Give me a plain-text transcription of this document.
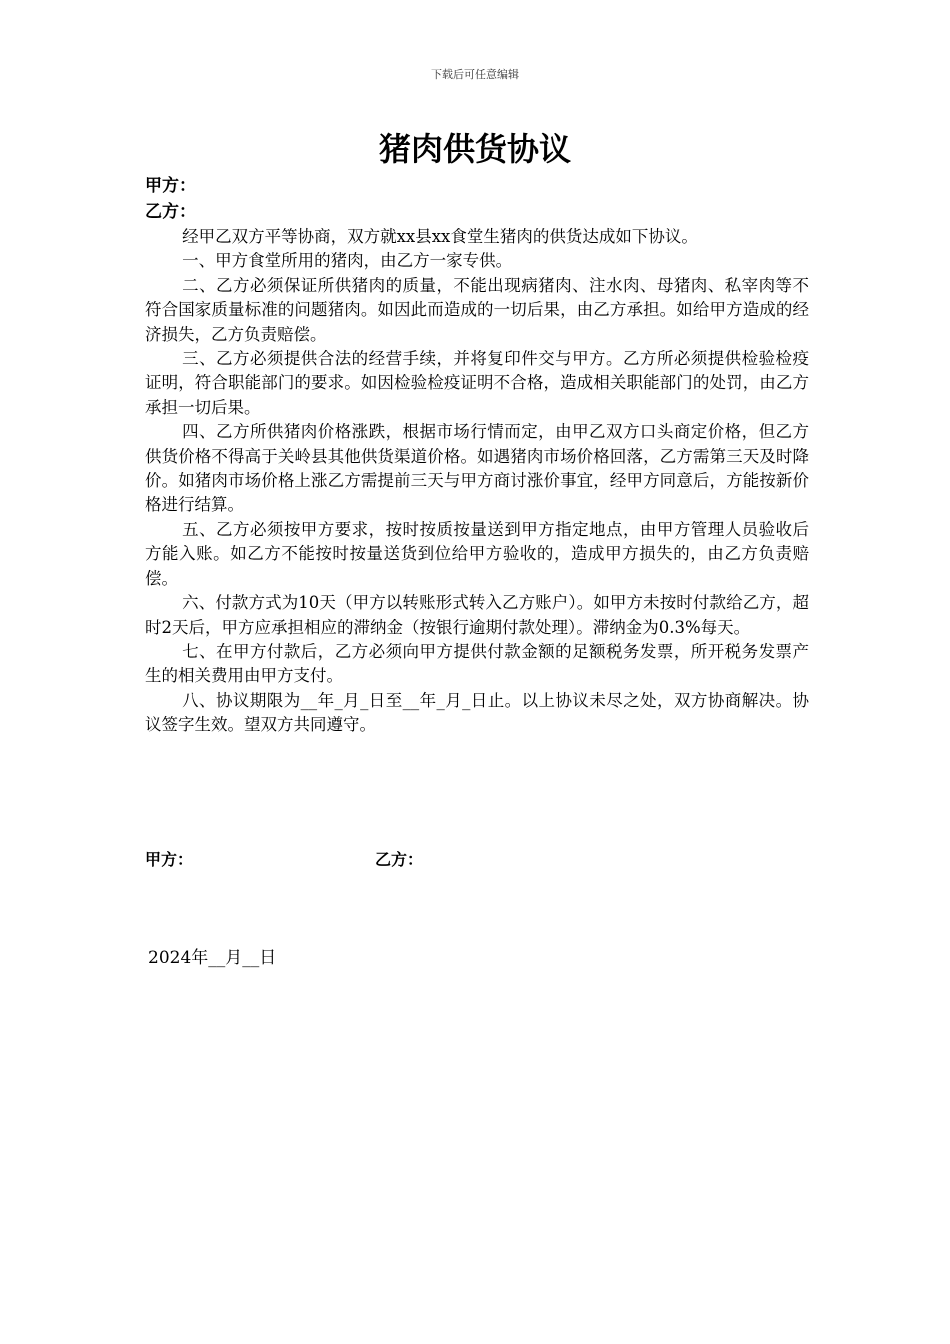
下载后可任意编辑
猪肉供货协议
甲方：
乙方：

经甲乙双方平等协商，双方就xx县xx食堂生猪肉的供货达成如下协议。

一、甲方食堂所用的猪肉，由乙方一家专供。

二、乙方必须保证所供猪肉的质量，不能出现病猪肉、注水肉、母猪肉、私宰肉等不符合国家质量标准的问题猪肉。如因此而造成的一切后果，由乙方承担。如给甲方造成的经济损失，乙方负责赔偿。

三、乙方必须提供合法的经营手续，并将复印件交与甲方。乙方所必须提供检验检疫证明，符合职能部门的要求。如因检验检疫证明不合格，造成相关职能部门的处罚，由乙方承担一切后果。

四、乙方所供猪肉价格涨跌，根据市场行情而定，由甲乙双方口头商定价格，但乙方供货价格不得高于关岭县其他供货渠道价格。如遇猪肉市场价格回落，乙方需第三天及时降价。如猪肉市场价格上涨乙方需提前三天与甲方商讨涨价事宜，经甲方同意后，方能按新价格进行结算。

五、乙方必须按甲方要求，按时按质按量送到甲方指定地点，由甲方管理人员验收后方能入账。如乙方不能按时按量送货到位给甲方验收的，造成甲方损失的，由乙方负责赔偿。

六、付款方式为10天（甲方以转账形式转入乙方账户）。如甲方未按时付款给乙方，超时2天后，甲方应承担相应的滞纳金（按银行逾期付款处理）。滞纳金为0.3%每天。

七、在甲方付款后，乙方必须向甲方提供付款金额的足额税务发票，所开税务发票产生的相关费用由甲方支付。

八、协议期限为__年_月_日至__年_月_日止。以上协议未尽之处，双方协商解决。协议签字生效。望双方共同遵守。

甲方：	乙方：
2024年__月__日
